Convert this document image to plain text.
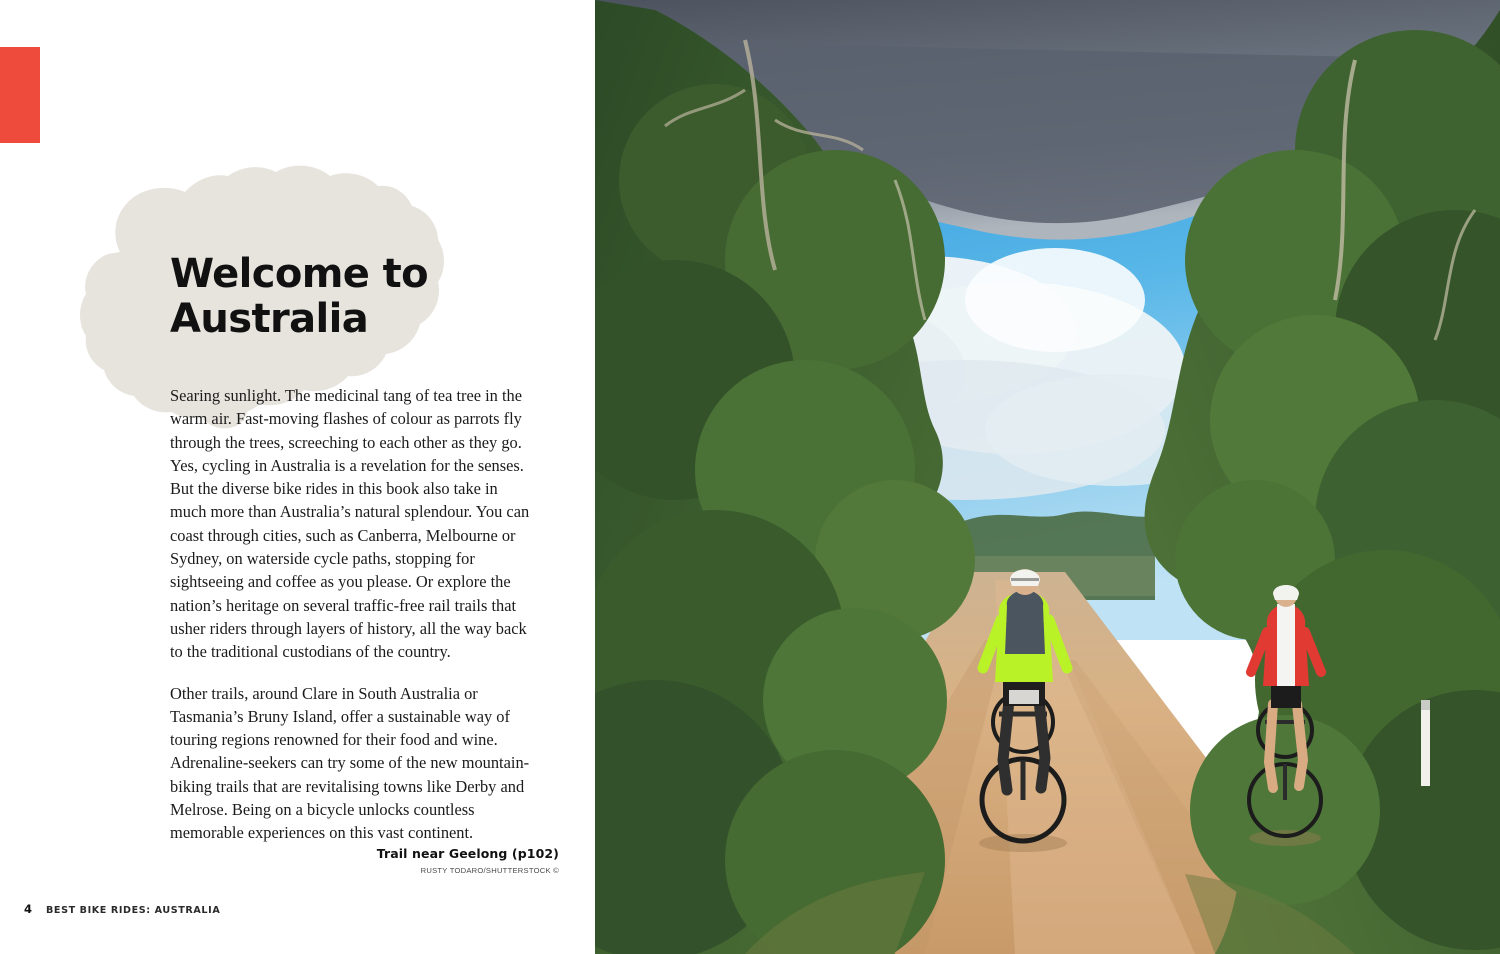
Welcome to
Australia

Searing sunlight. The medicinal tang of tea tree in the warm air. Fast-moving flashes of colour as parrots fly through the trees, screeching to each other as they go. Yes, cycling in Australia is a revelation for the senses. But the diverse bike rides in this book also take in much more than Australia’s natural splendour. You can coast through cities, such as Canberra, Melbourne or Sydney, on waterside cycle paths, stopping for sightseeing and coffee as you please. Or explore the nation’s heritage on several traffic-free rail trails that usher riders through layers of history, all the way back to the traditional custodians of the country.

Other trails, around Clare in South Australia or Tasmania’s Bruny Island, offer a sustainable way of touring regions renowned for their food and wine. Adrenaline-seekers can try some of the new mountain-biking trails that are revitalising towns like Derby and Melrose. Being on a bicycle unlocks countless memorable experiences on this vast continent.

Trail near Geelong (p102)
RUSTY TODARO/SHUTTERSTOCK ©
4 BEST BIKE RIDES: AUSTRALIA
